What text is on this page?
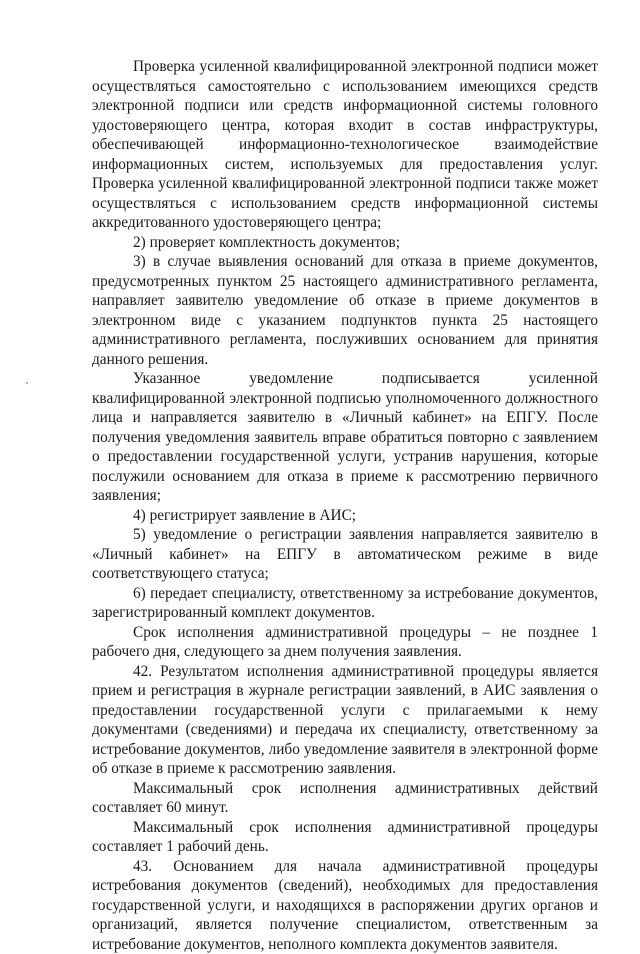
Проверка усиленной квалифицированной электронной подписи может осуществляться самостоятельно с использованием имеющихся средств электронной подписи или средств информационной системы головного удостоверяющего центра, которая входит в состав инфраструктуры, обеспечивающей информационно-технологическое взаимодействие информационных систем, используемых для предоставления услуг. Проверка усиленной квалифицированной электронной подписи также может осуществляться с использованием средств информационной системы аккредитованного удостоверяющего центра;

2) проверяет комплектность документов;

3) в случае выявления оснований для отказа в приеме документов, предусмотренных пунктом 25 настоящего административного регламента, направляет заявителю уведомление об отказе в приеме документов в электронном виде с указанием подпунктов пункта 25 настоящего административного регламента, послуживших основанием для принятия данного решения.

Указанное уведомление подписывается усиленной квалифицированной электронной подписью уполномоченного должностного лица и направляется заявителю в «Личный кабинет» на ЕПГУ. После получения уведомления заявитель вправе обратиться повторно с заявлением о предоставлении государственной услуги, устранив нарушения, которые послужили основанием для отказа в приеме к рассмотрению первичного заявления;

4) регистрирует заявление в АИС;

5) уведомление о регистрации заявления направляется заявителю в «Личный кабинет» на ЕПГУ в автоматическом режиме в виде соответствующего статуса;

6) передает специалисту, ответственному за истребование документов, зарегистрированный комплект документов.

Срок исполнения административной процедуры – не позднее 1 рабочего дня, следующего за днем получения заявления.

42. Результатом исполнения административной процедуры является прием и регистрация в журнале регистрации заявлений, в АИС заявления о предоставлении государственной услуги с прилагаемыми к нему документами (сведениями) и передача их специалисту, ответственному за истребование документов, либо уведомление заявителя в электронной форме об отказе в приеме к рассмотрению заявления.

Максимальный срок исполнения административных действий составляет 60 минут.

Максимальный срок исполнения административной процедуры составляет 1 рабочий день.

43. Основанием для начала административной процедуры истребования документов (сведений), необходимых для предоставления государственной услуги, и находящихся в распоряжении других органов и организаций, является получение специалистом, ответственным за истребование документов, неполного комплекта документов заявителя.
